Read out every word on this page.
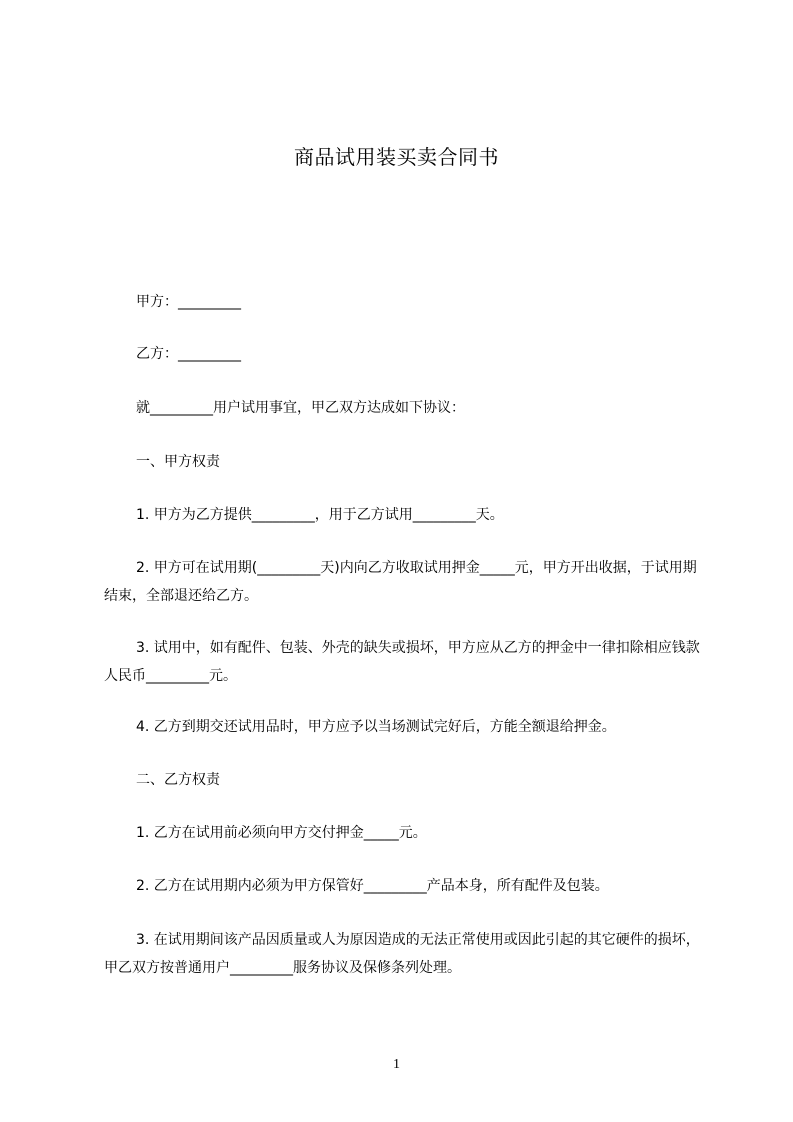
商品试用装买卖合同书

甲方：_________

乙方：_________

就_________用户试用事宜，甲乙双方达成如下协议：

一、甲方权责

1. 甲方为乙方提供_________，用于乙方试用_________天。

2. 甲方可在试用期(_________天)内向乙方收取试用押金_____元，甲方开出收据，于试用期结束，全部退还给乙方。

3. 试用中，如有配件、包装、外壳的缺失或损坏，甲方应从乙方的押金中一律扣除相应钱款人民币_________元。

4. 乙方到期交还试用品时，甲方应予以当场测试完好后，方能全额退给押金。

二、乙方权责

1. 乙方在试用前必须向甲方交付押金_____元。

2. 乙方在试用期内必须为甲方保管好_________产品本身，所有配件及包装。

3. 在试用期间该产品因质量或人为原因造成的无法正常使用或因此引起的其它硬件的损坏，甲乙双方按普通用户_________服务协议及保修条列处理。

1
